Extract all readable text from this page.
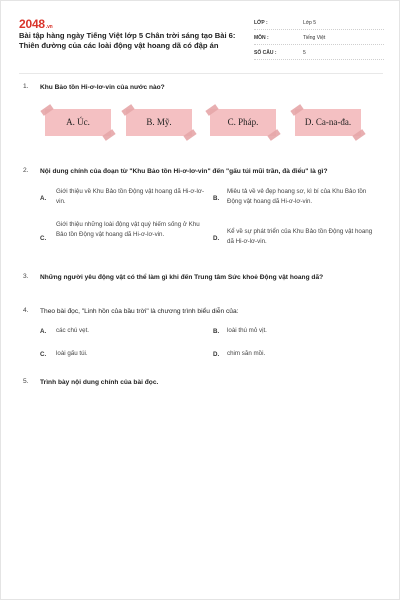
2048.vn
Bài tập hàng ngày Tiếng Việt lớp 5 Chân trời sáng tạo Bài 6: Thiên đường của các loài động vật hoang dã có đập án
LỚP :	Lớp 5
MÔN :	Tiếng Việt
SỐ CÂU :	5
1. Khu Bảo tồn Hi-ơ-lơ-vin của nước nào?
A. Úc.	B. Mỹ.	C. Pháp.	D. Ca-na-đa.
2. Nội dung chính của đoạn từ "Khu Bảo tồn Hi-ơ-lơ-vin" đến "gấu túi mũi trần, đà điểu" là gì?
A.
Giới thiệu về Khu Bảo tồn Động vật hoang dã Hi-ơ-lơ-vin.	B.
Miêu tả về vẻ đẹp hoang sơ, kì bí của Khu Bảo tồn Động vật hoang dã Hi-ơ-lơ-vin.
C.
Giới thiệu những loài động vật quý hiếm sống ở Khu Bảo tồn Động vật hoang dã Hi-ơ-lơ-vin.
D.
Kể về sự phát triển của Khu Bảo tồn Động vật hoang dã Hi-ơ-lơ-vin.
3. Những người yêu động vật có thể làm gì khi đến Trung tâm Sức khoẻ Động vật hoang dã?
4. Theo bài đọc, "Linh hồn của bầu trời" là chương trình biểu diễn của:
A. các chú vẹt.	B. loài thú mỏ vịt.
C. loài gấu túi.	D. chim săn mồi.
5. Trình bày nội dung chính của bài đọc.
